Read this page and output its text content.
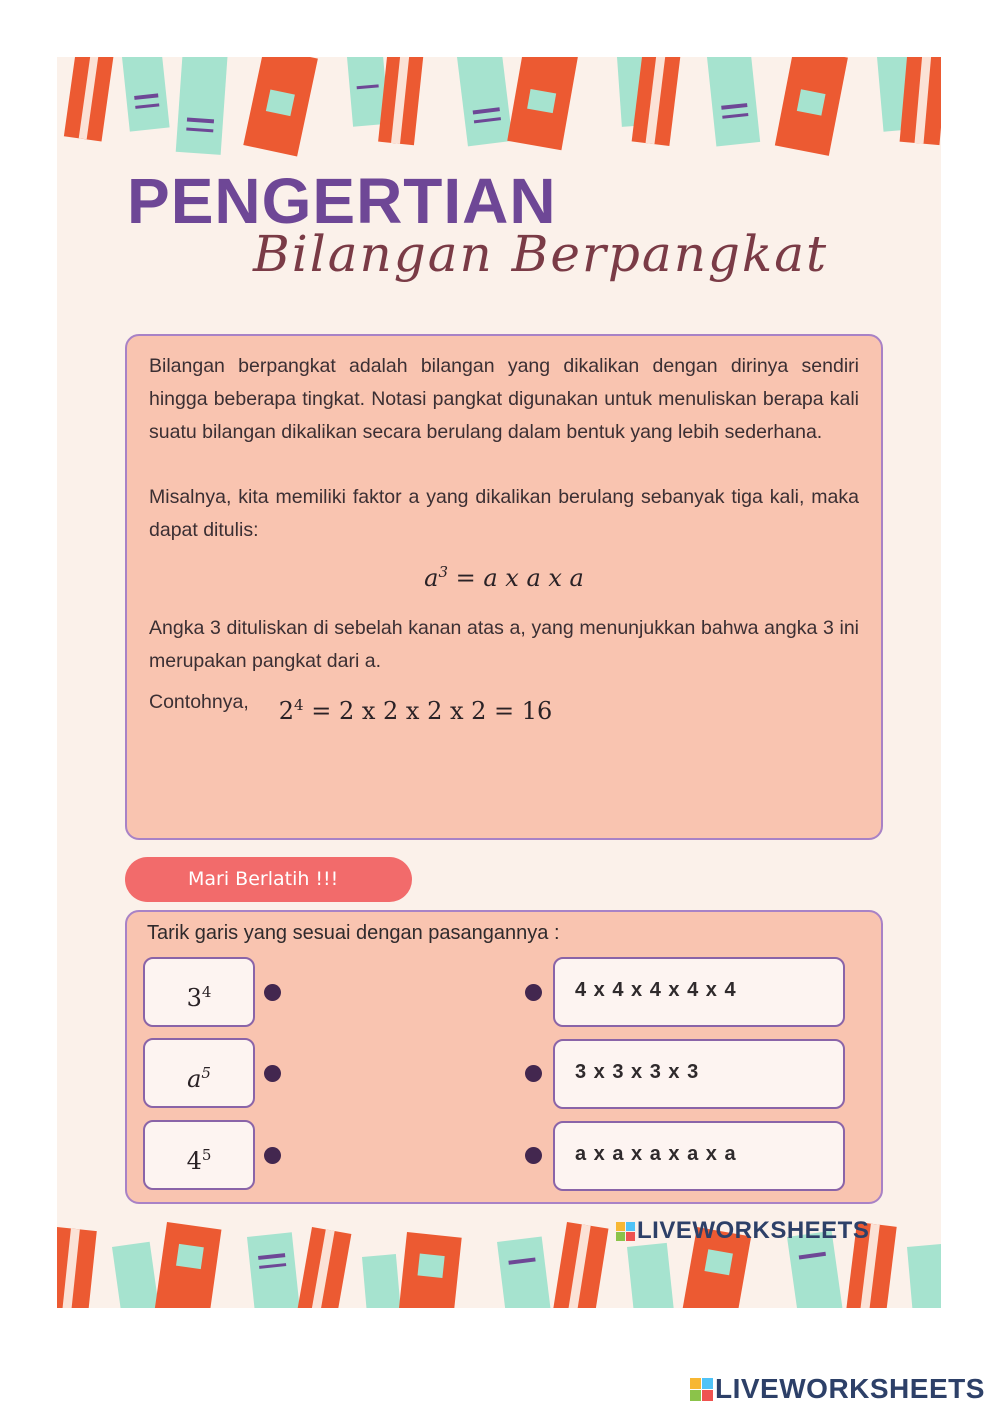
PENGERTIAN
Bilangan Berpangkat

Bilangan berpangkat adalah bilangan yang dikalikan dengan dirinya sendiri hingga beberapa tingkat. Notasi pangkat digunakan untuk menuliskan berapa kali suatu bilangan dikalikan secara berulang dalam bentuk yang lebih sederhana.

Misalnya, kita memiliki faktor a yang dikalikan berulang sebanyak tiga kali, maka dapat ditulis:

$a^3 = a$ x a x a

Angka 3 dituliskan di sebelah kanan atas a, yang menunjukkan bahwa angka 3 ini merupakan pangkat dari a.

Contohnya, $2^4 = 2$ x 2 x 2 x 2 = 16
Mari Berlatih !!!

Tarik garis yang sesuai dengan pasangannya :

$3^4$
$a^5$
$4^5$
4 x 4 x 4 x 4 x 4
3 x 3 x 3 x 3
a x a x a x a x a
LIVEWORKSHEETS
LIVEWORKSHEETS
